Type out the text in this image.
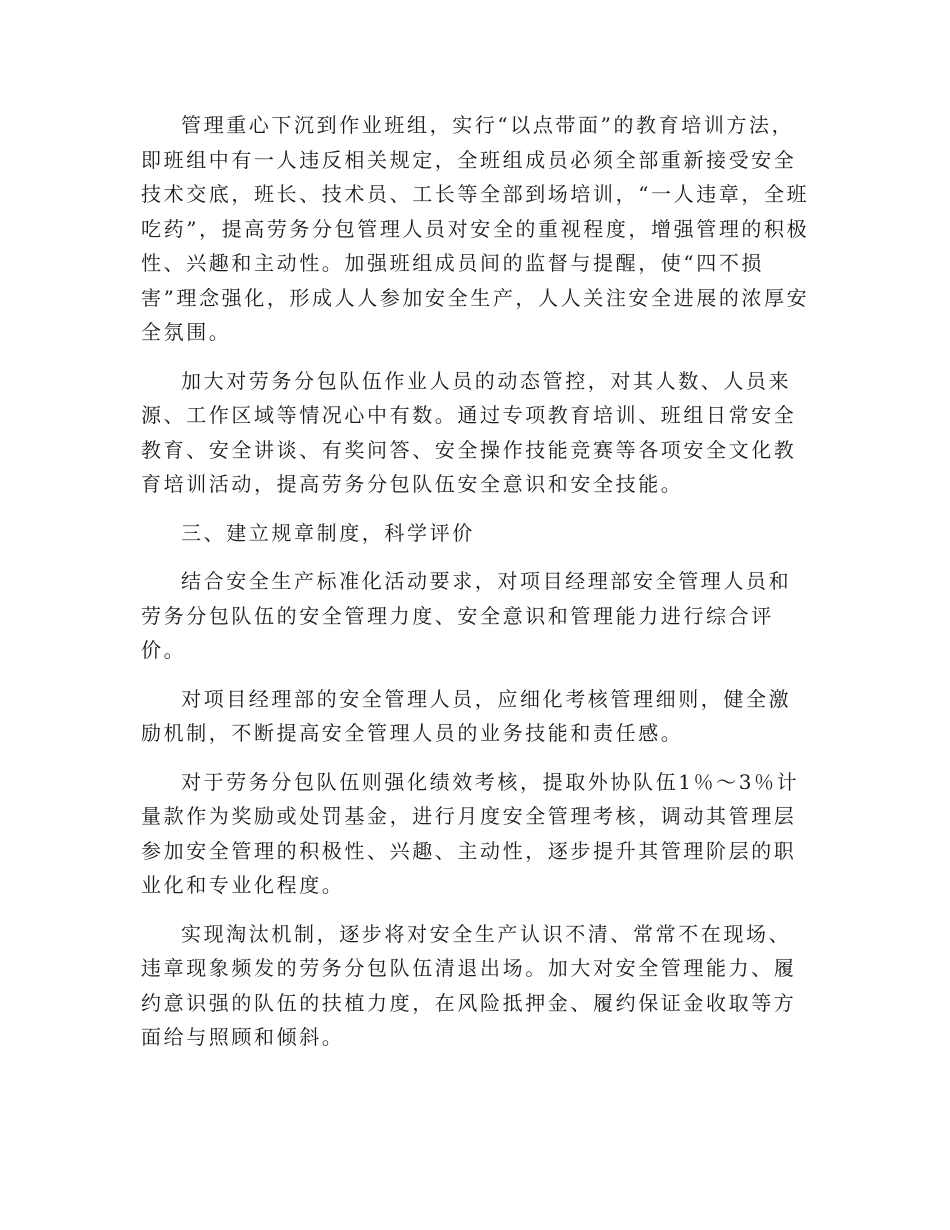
管理重心下沉到作业班组，实行“以点带面”的教育培训方法，即班组中有一人违反相关规定，全班组成员必须全部重新接受安全技术交底，班长、技术员、工长等全部到场培训，“一人违章，全班吃药”，提高劳务分包管理人员对安全的重视程度，增强管理的积极性、兴趣和主动性。加强班组成员间的监督与提醒，使“四不损害”理念强化，形成人人参加安全生产，人人关注安全进展的浓厚安全氛围。

加大对劳务分包队伍作业人员的动态管控，对其人数、人员来源、工作区域等情况心中有数。通过专项教育培训、班组日常安全教育、安全讲谈、有奖问答、安全操作技能竞赛等各项安全文化教育培训活动，提高劳务分包队伍安全意识和安全技能。

三、建立规章制度，科学评价

结合安全生产标准化活动要求，对项目经理部安全管理人员和劳务分包队伍的安全管理力度、安全意识和管理能力进行综合评价。

对项目经理部的安全管理人员，应细化考核管理细则，健全激励机制，不断提高安全管理人员的业务技能和责任感。

对于劳务分包队伍则强化绩效考核，提取外协队伍1％～3％计量款作为奖励或处罚基金，进行月度安全管理考核，调动其管理层参加安全管理的积极性、兴趣、主动性，逐步提升其管理阶层的职业化和专业化程度。

实现淘汰机制，逐步将对安全生产认识不清、常常不在现场、违章现象频发的劳务分包队伍清退出场。加大对安全管理能力、履约意识强的队伍的扶植力度，在风险抵押金、履约保证金收取等方面给与照顾和倾斜。
